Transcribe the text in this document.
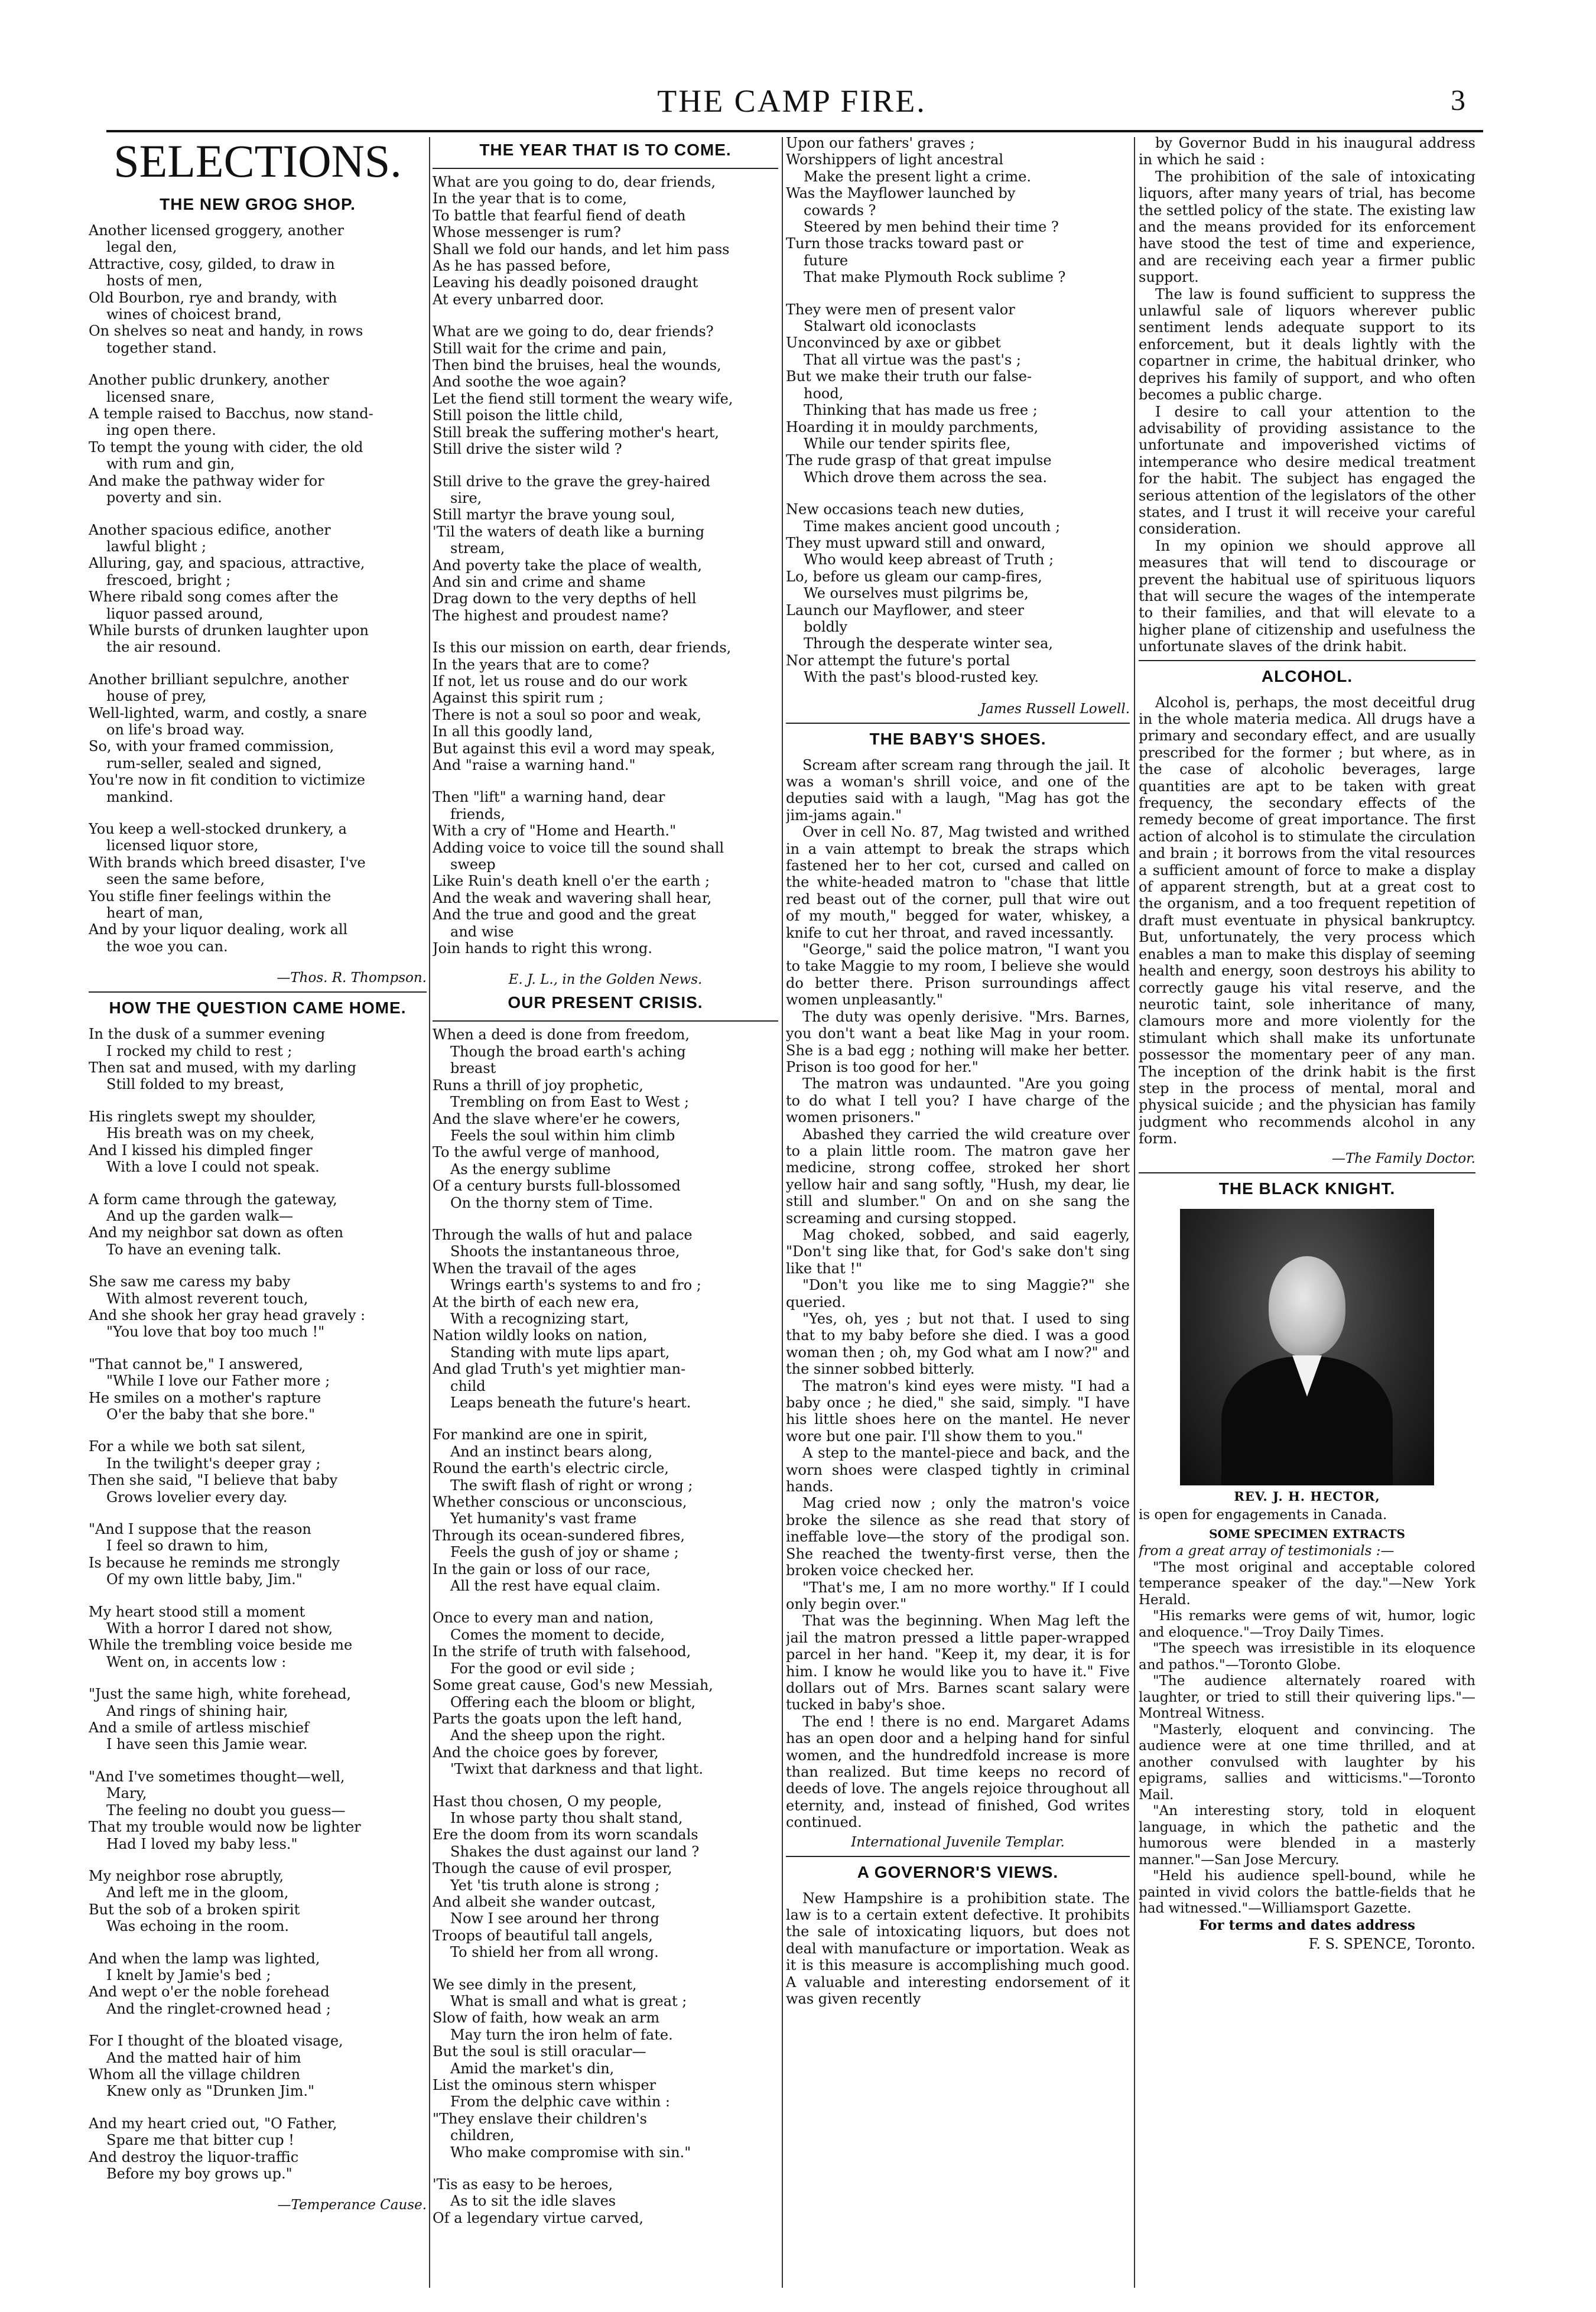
THE CAMP FIRE.	3
SELECTIONS.
THE NEW GROG SHOP.
Another licensed groggery, another
legal den,
Attractive, cosy, gilded, to draw in
hosts of men,
Old Bourbon, rye and brandy, with
wines of choicest brand,
On shelves so neat and handy, in rows
together stand.
Another public drunkery, another
licensed snare,
A temple raised to Bacchus, now stand-
ing open there.
To tempt the young with cider, the old
with rum and gin,
And make the pathway wider for
poverty and sin.
Another spacious edifice, another
lawful blight ;
Alluring, gay, and spacious, attractive,
frescoed, bright ;
Where ribald song comes after the
liquor passed around,
While bursts of drunken laughter upon
the air resound.
Another brilliant sepulchre, another
house of prey,
Well-lighted, warm, and costly, a snare
on life's broad way.
So, with your framed commission,
rum-seller, sealed and signed,
You're now in fit condition to victimize
mankind.
You keep a well-stocked drunkery, a
licensed liquor store,
With brands which breed disaster, I've
seen the same before,
You stifle finer feelings within the
heart of man,
And by your liquor dealing, work all
the woe you can.
—Thos. R. Thompson.
HOW THE QUESTION CAME HOME.
In the dusk of a summer evening
I rocked my child to rest ;
Then sat and mused, with my darling
Still folded to my breast,
His ringlets swept my shoulder,
His breath was on my cheek,
And I kissed his dimpled finger
With a love I could not speak.
A form came through the gateway,
And up the garden walk—
And my neighbor sat down as often
To have an evening talk.
She saw me caress my baby
With almost reverent touch,
And she shook her gray head gravely :
"You love that boy too much !"
"That cannot be," I answered,
"While I love our Father more ;
He smiles on a mother's rapture
O'er the baby that she bore."
For a while we both sat silent,
In the twilight's deeper gray ;
Then she said, "I believe that baby
Grows lovelier every day.
"And I suppose that the reason
I feel so drawn to him,
Is because he reminds me strongly
Of my own little baby, Jim."
My heart stood still a moment
With a horror I dared not show,
While the trembling voice beside me
Went on, in accents low :
"Just the same high, white forehead,
And rings of shining hair,
And a smile of artless mischief
I have seen this Jamie wear.
"And I've sometimes thought—well,
Mary,
The feeling no doubt you guess—
That my trouble would now be lighter
Had I loved my baby less."
My neighbor rose abruptly,
And left me in the gloom,
But the sob of a broken spirit
Was echoing in the room.
And when the lamp was lighted,
I knelt by Jamie's bed ;
And wept o'er the noble forehead
And the ringlet-crowned head ;
For I thought of the bloated visage,
And the matted hair of him
Whom all the village children
Knew only as "Drunken Jim."
And my heart cried out, "O Father,
Spare me that bitter cup !
And destroy the liquor-traffic
Before my boy grows up."
—Temperance Cause.
THE YEAR THAT IS TO COME.
What are you going to do, dear friends,
In the year that is to come,
To battle that fearful fiend of death
Whose messenger is rum?
Shall we fold our hands, and let him pass
As he has passed before,
Leaving his deadly poisoned draught
At every unbarred door.
What are we going to do, dear friends?
Still wait for the crime and pain,
Then bind the bruises, heal the wounds,
And soothe the woe again?
Let the fiend still torment the weary wife,
Still poison the little child,
Still break the suffering mother's heart,
Still drive the sister wild ?
Still drive to the grave the grey-haired
sire,
Still martyr the brave young soul,
'Til the waters of death like a burning
stream,
And poverty take the place of wealth,
And sin and crime and shame
Drag down to the very depths of hell
The highest and proudest name?
Is this our mission on earth, dear friends,
In the years that are to come?
If not, let us rouse and do our work
Against this spirit rum ;
There is not a soul so poor and weak,
In all this goodly land,
But against this evil a word may speak,
And "raise a warning hand."
Then "lift" a warning hand, dear
friends,
With a cry of "Home and Hearth."
Adding voice to voice till the sound shall
sweep
Like Ruin's death knell o'er the earth ;
And the weak and wavering shall hear,
And the true and good and the great
and wise
Join hands to right this wrong.
E. J. L., in the Golden News.
OUR PRESENT CRISIS.
When a deed is done from freedom,
Though the broad earth's aching
breast
Runs a thrill of joy prophetic,
Trembling on from East to West ;
And the slave where'er he cowers,
Feels the soul within him climb
To the awful verge of manhood,
As the energy sublime
Of a century bursts full-blossomed
On the thorny stem of Time.
Through the walls of hut and palace
Shoots the instantaneous throe,
When the travail of the ages
Wrings earth's systems to and fro ;
At the birth of each new era,
With a recognizing start,
Nation wildly looks on nation,
Standing with mute lips apart,
And glad Truth's yet mightier man-
child
Leaps beneath the future's heart.
For mankind are one in spirit,
And an instinct bears along,
Round the earth's electric circle,
The swift flash of right or wrong ;
Whether conscious or unconscious,
Yet humanity's vast frame
Through its ocean-sundered fibres,
Feels the gush of joy or shame ;
In the gain or loss of our race,
All the rest have equal claim.
Once to every man and nation,
Comes the moment to decide,
In the strife of truth with falsehood,
For the good or evil side ;
Some great cause, God's new Messiah,
Offering each the bloom or blight,
Parts the goats upon the left hand,
And the sheep upon the right.
And the choice goes by forever,
'Twixt that darkness and that light.
Hast thou chosen, O my people,
In whose party thou shalt stand,
Ere the doom from its worn scandals
Shakes the dust against our land ?
Though the cause of evil prosper,
Yet 'tis truth alone is strong ;
And albeit she wander outcast,
Now I see around her throng
Troops of beautiful tall angels,
To shield her from all wrong.
We see dimly in the present,
What is small and what is great ;
Slow of faith, how weak an arm
May turn the iron helm of fate.
But the soul is still oracular—
Amid the market's din,
List the ominous stern whisper
From the delphic cave within :
"They enslave their children's
children,
Who make compromise with sin."
'Tis as easy to be heroes,
As to sit the idle slaves
Of a legendary virtue carved,
Upon our fathers' graves ;
Worshippers of light ancestral
Make the present light a crime.
Was the Mayflower launched by
cowards ?
Steered by men behind their time ?
Turn those tracks toward past or
future
That make Plymouth Rock sublime ?
They were men of present valor
Stalwart old iconoclasts
Unconvinced by axe or gibbet
That all virtue was the past's ;
But we make their truth our false-
hood,
Thinking that has made us free ;
Hoarding it in mouldy parchments,
While our tender spirits flee,
The rude grasp of that great impulse
Which drove them across the sea.
New occasions teach new duties,
Time makes ancient good uncouth ;
They must upward still and onward,
Who would keep abreast of Truth ;
Lo, before us gleam our camp-fires,
We ourselves must pilgrims be,
Launch our Mayflower, and steer
boldly
Through the desperate winter sea,
Nor attempt the future's portal
With the past's blood-rusted key.
James Russell Lowell.
THE BABY'S SHOES.

Scream after scream rang through the jail. It was a woman's shrill voice, and one of the deputies said with a laugh, "Mag has got the jim-jams again."

Over in cell No. 87, Mag twisted and writhed in a vain attempt to break the straps which fastened her to her cot, cursed and called on the white-headed matron to "chase that little red beast out of the corner, pull that wire out of my mouth," begged for water, whiskey, a knife to cut her throat, and raved incessantly.

"George," said the police matron, "I want you to take Maggie to my room, I believe she would do better there. Prison surroundings affect women unpleasantly."

The duty was openly derisive. "Mrs. Barnes, you don't want a beat like Mag in your room. She is a bad egg ; nothing will make her better. Prison is too good for her."

The matron was undaunted. "Are you going to do what I tell you? I have charge of the women prisoners."

Abashed they carried the wild creature over to a plain little room. The matron gave her medicine, strong coffee, stroked her short yellow hair and sang softly, "Hush, my dear, lie still and slumber." On and on she sang the screaming and cursing stopped.

Mag choked, sobbed, and said eagerly, "Don't sing like that, for God's sake don't sing like that !"

"Don't you like me to sing Maggie?" she queried.

"Yes, oh, yes ; but not that. I used to sing that to my baby before she died. I was a good woman then ; oh, my God what am I now?" and the sinner sobbed bitterly.

The matron's kind eyes were misty. "I had a baby once ; he died," she said, simply. "I have his little shoes here on the mantel. He never wore but one pair. I'll show them to you."

A step to the mantel-piece and back, and the worn shoes were clasped tightly in criminal hands.

Mag cried now ; only the matron's voice broke the silence as she read that story of ineffable love—the story of the prodigal son. She reached the twenty-first verse, then the broken voice checked her.

"That's me, I am no more worthy." If I could only begin over."

That was the beginning. When Mag left the jail the matron pressed a little paper-wrapped parcel in her hand. "Keep it, my dear, it is for him. I know he would like you to have it." Five dollars out of Mrs. Barnes scant salary were tucked in baby's shoe.

The end ! there is no end. Margaret Adams has an open door and a helping hand for sinful women, and the hundredfold increase is more than realized. But time keeps no record of deeds of love. The angels rejoice throughout all eternity, and, instead of finished, God writes continued.

International Juvenile Templar.
A GOVERNOR'S VIEWS.

New Hampshire is a prohibition state. The law is to a certain extent defective. It prohibits the sale of intoxicating liquors, but does not deal with manufacture or importation. Weak as it is this measure is accomplishing much good. A valuable and interesting endorsement of it was given recently

by Governor Budd in his inaugural address in which he said :

The prohibition of the sale of intoxicating liquors, after many years of trial, has become the settled policy of the state. The existing law and the means provided for its enforcement have stood the test of time and experience, and are receiving each year a firmer public support.

The law is found sufficient to suppress the unlawful sale of liquors wherever public sentiment lends adequate support to its enforcement, but it deals lightly with the copartner in crime, the habitual drinker, who deprives his family of support, and who often becomes a public charge.

I desire to call your attention to the advisability of providing assistance to the unfortunate and impoverished victims of intemperance who desire medical treatment for the habit. The subject has engaged the serious attention of the legislators of the other states, and I trust it will receive your careful consideration.

In my opinion we should approve all measures that will tend to discourage or prevent the habitual use of spirituous liquors that will secure the wages of the intemperate to their families, and that will elevate to a higher plane of citizenship and usefulness the unfortunate slaves of the drink habit.

ALCOHOL.

Alcohol is, perhaps, the most deceitful drug in the whole materia medica. All drugs have a primary and secondary effect, and are usually prescribed for the former ; but where, as in the case of alcoholic beverages, large quantities are apt to be taken with great frequency, the secondary effects of the remedy become of great importance. The first action of alcohol is to stimulate the circulation and brain ; it borrows from the vital resources a sufficient amount of force to make a display of apparent strength, but at a great cost to the organism, and a too frequent repetition of draft must eventuate in physical bankruptcy. But, unfortunately, the very process which enables a man to make this display of seeming health and energy, soon destroys his ability to correctly gauge his vital reserve, and the neurotic taint, sole inheritance of many, clamours more and more violently for the stimulant which shall make its unfortunate possessor the momentary peer of any man. The inception of the drink habit is the first step in the process of mental, moral and physical suicide ; and the physician has family judgment who recommends alcohol in any form.

—The Family Doctor.
THE BLACK KNIGHT.
REV. J. H. HECTOR,
is open for engagements in Canada.
SOME SPECIMEN EXTRACTS
from a great array of testimonials :—

"The most original and acceptable colored temperance speaker of the day."—New York Herald.

"His remarks were gems of wit, humor, logic and eloquence."—Troy Daily Times.

"The speech was irresistible in its eloquence and pathos."—Toronto Globe.

"The audience alternately roared with laughter, or tried to still their quivering lips."—Montreal Witness.

"Masterly, eloquent and convincing. The audience were at one time thrilled, and at another convulsed with laughter by his epigrams, sallies and witticisms."—Toronto Mail.

"An interesting story, told in eloquent language, in which the pathetic and the humorous were blended in a masterly manner."—San Jose Mercury.

"Held his audience spell-bound, while he painted in vivid colors the battle-fields that he had witnessed."—Williamsport Gazette.

For terms and dates address
F. S. SPENCE, Toronto.
